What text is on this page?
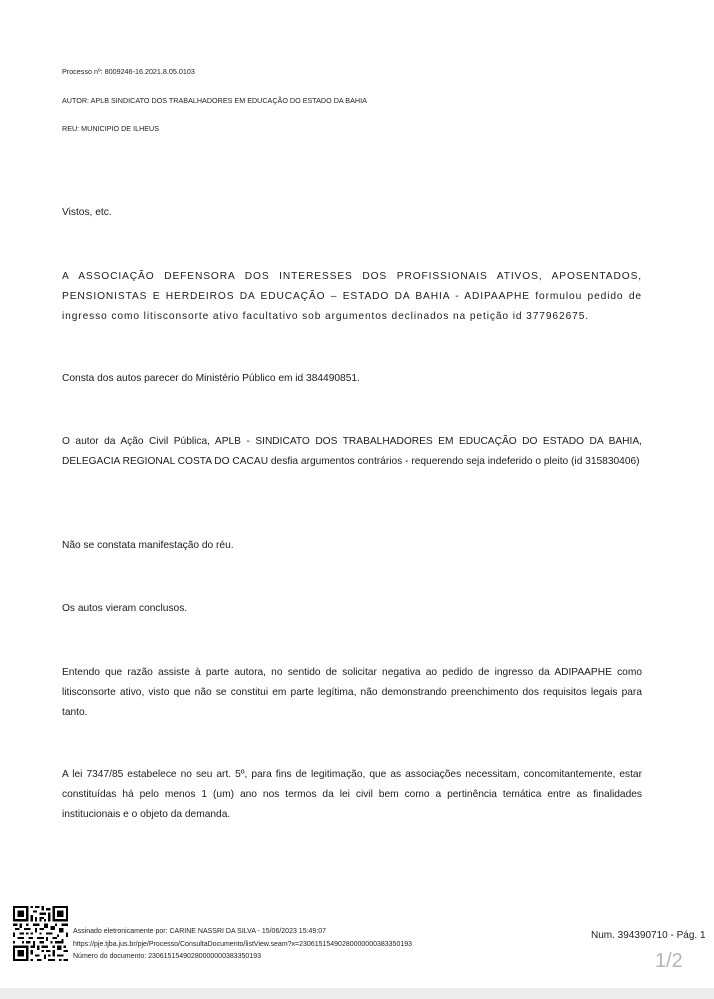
Processo nº: 8009246-16.2021.8.05.0103
AUTOR: APLB SINDICATO DOS TRABALHADORES EM EDUCAÇÃO DO ESTADO DA BAHIA
REU: MUNICIPIO DE ILHEUS
Vistos, etc.
A ASSOCIAÇÃO DEFENSORA DOS INTERESSES DOS PROFISSIONAIS ATIVOS, APOSENTADOS, PENSIONISTAS E HERDEIROS DA EDUCAÇÃO – ESTADO DA BAHIA - ADIPAAPHE formulou pedido de ingresso como litisconsorte ativo facultativo sob argumentos declinados na petição id 377962675.
Consta dos autos parecer do Ministério Público em id 384490851.
O autor da Ação Civil Pública, APLB - SINDICATO DOS TRABALHADORES EM EDUCAÇÃO DO ESTADO DA BAHIA, DELEGACIA REGIONAL COSTA DO CACAU desfia argumentos contrários - requerendo seja indeferido o pleito (id 315830406)
Não se constata manifestação do réu.
Os autos vieram conclusos.
Entendo que razão assiste à parte autora, no sentido de solicitar negativa ao pedido de ingresso da ADIPAAPHE como litisconsorte ativo, visto que não se constitui em parte legítima, não demonstrando preenchimento dos requisitos legais para tanto.
A lei 7347/85 estabelece no seu art. 5º, para fins de legitimação, que as associações necessitam, concomitantemente, estar constituídas há pelo menos 1 (um) ano nos termos da lei civil bem como a pertinência temática entre as finalidades institucionais e o objeto da demanda.
Assinado eletronicamente por: CARINE NASSRI DA SILVA - 15/06/2023 15:49:07
https://pje.tjba.jus.br/pje/Processo/ConsultaDocumento/listView.seam?x=23061515490280000000383350193
Número do documento: 23061515490280000000383350193
Num. 394390710 - Pág. 1
1/2
